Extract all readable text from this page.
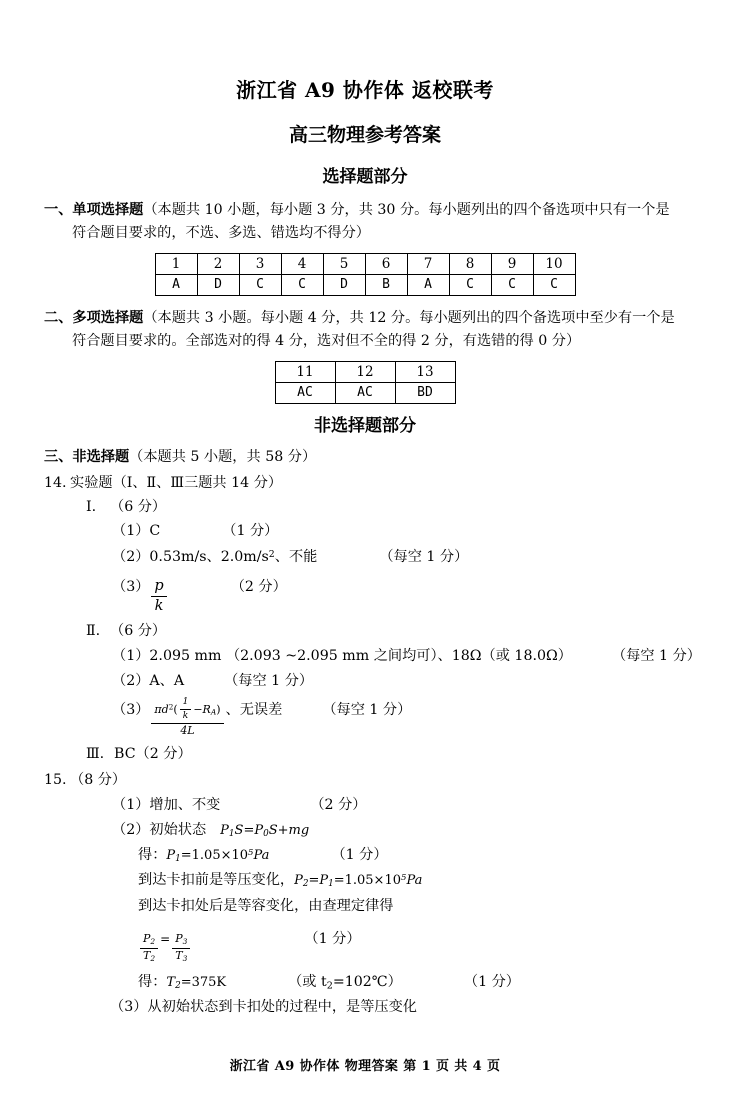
浙江省 A9 协作体 返校联考
高三物理参考答案
选择题部分
一、单项选择题（本题共 10 小题，每小题 3 分，共 30 分。每小题列出的四个备选项中只有一个是
符合题目要求的，不选、多选、错选均不得分）
1	2	3	4	5	6	7	8	9	10
A	D	C	C	D	B	A	C	C	C
二、多项选择题（本题共 3 小题。每小题 4 分，共 12 分。每小题列出的四个备选项中至少有一个是
符合题目要求的。全部选对的得 4 分，选对但不全的得 2 分，有选错的得 0 分）
11	12	13
AC	AC	BD
非选择题部分
三、非选择题（本题共 5 小题，共 58 分）
14. 实验题（Ⅰ、Ⅱ、Ⅲ三题共 14 分）
Ⅰ. （6 分）
（1） C	（1 分）
（2） 0.53m/s、$2.0m/s^2$、不能	（每空 1 分）
$(3) \frac{p}{k}$	（2 分）
Ⅱ. （6 分）
（1） 2.095 mm （2.093 ~2.095 mm 之间均可）、18Ω（或 18.0Ω）	（每空 1 分）
（2） A、A	（每空 1 分）
$(3) \frac{\pi d^2( \frac{1}{k} -R_A)}{4L}$ 、无误差	（每空 1 分）
Ⅲ. BC（2 分）
15. （8 分）
（1） 增加、不变	（2 分）
（2） 初始状态 $P_1S=P_0S+mg$
得： $P_1=1.05\times 10^5Pa$	（1 分）
到达卡扣前是等压变化， $P_2=P_1=1.05\times 10^5Pa$
到达卡扣处后是等容变化，由查理定律得
$\frac{P_2}{T_2} = \frac{P_3}{T_3}$	（1 分）
得： $T_2=375K$	（或 $t_2=102℃$）	（1 分）
（3） 从初始状态到卡扣处的过程中，是等压变化
浙江省 A9 协作体 物理答案 第 1 页 共 4 页
